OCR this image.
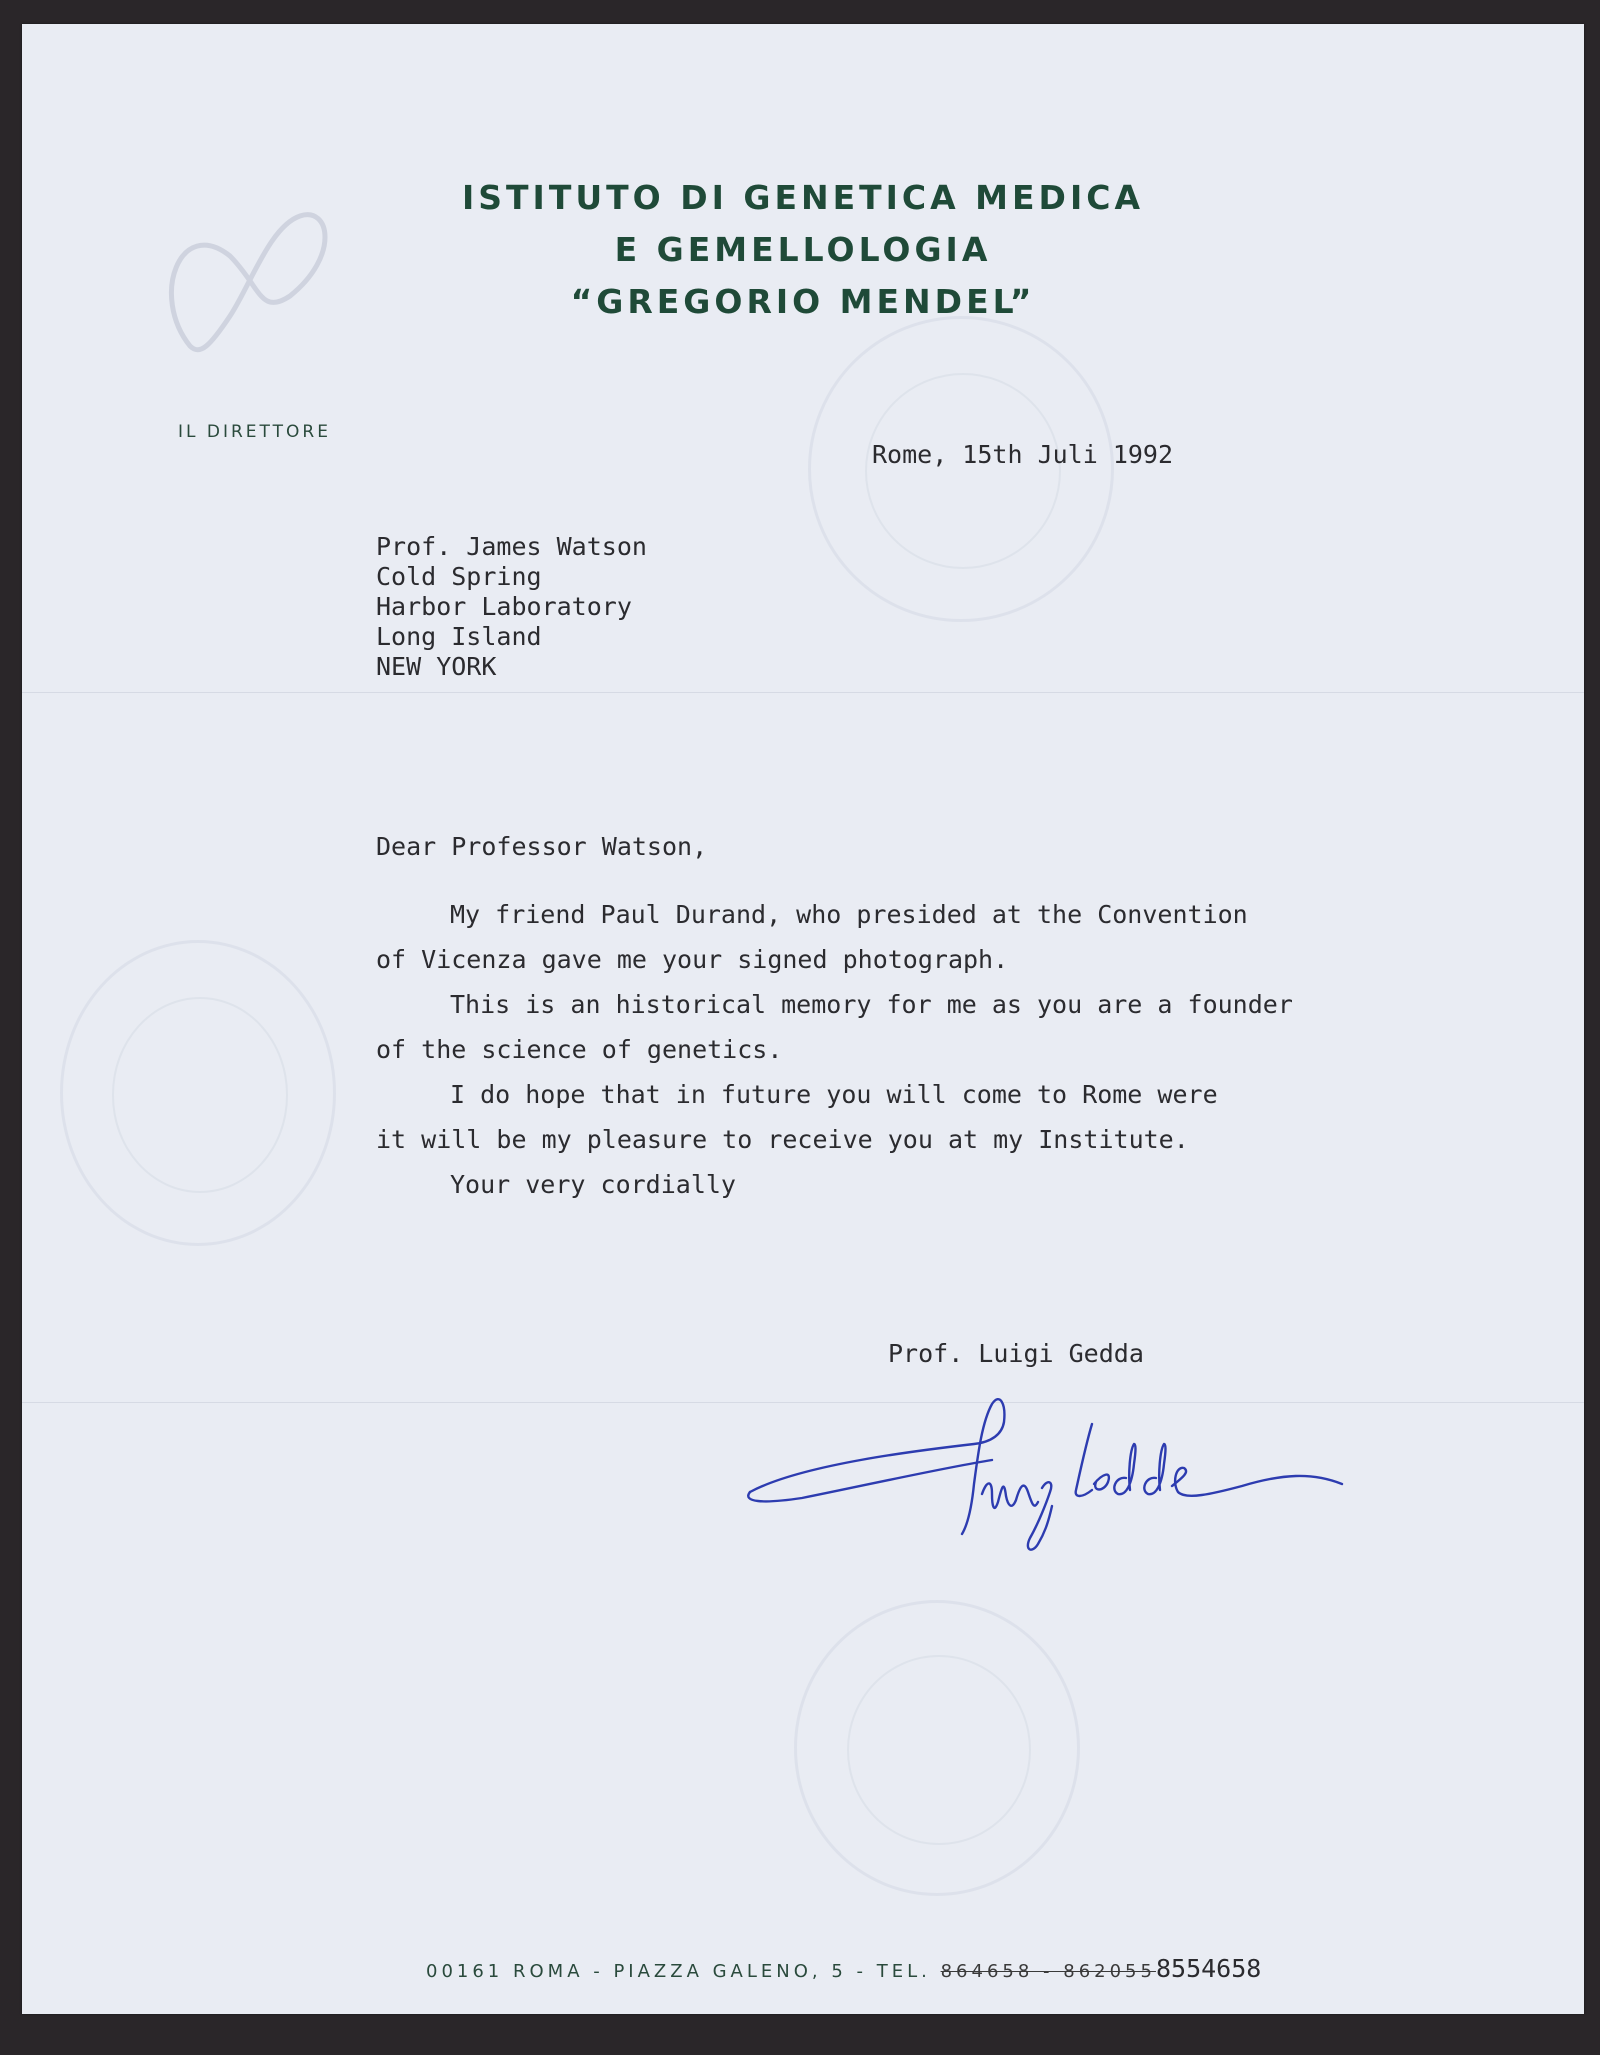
ISTITUTO DI GENETICA MEDICA
E GEMELLOLOGIA
“GREGORIO MENDEL”
IL DIRETTORE
Rome, 15th Juli 1992
Prof. James Watson
Cold Spring
Harbor Laboratory
Long Island
NEW YORK
Dear Professor Watson,
My friend Paul Durand, who presided at the Convention
of Vicenza gave me your signed photograph.
This is an historical memory for me as you are a founder
of the science of genetics.
I do hope that in future you will come to Rome were
it will be my pleasure to receive you at my Institute.
Your very cordially
Prof. Luigi Gedda
00161 ROMA - PIAZZA GALENO, 5 - TEL. 864658 - 8620558554658
